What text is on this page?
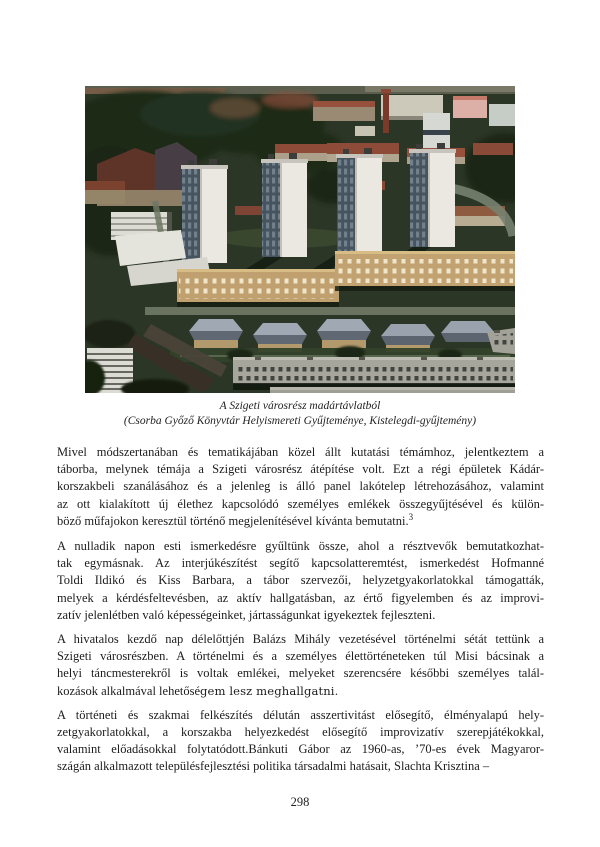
A Szigeti városrész madártávlatból
(Csorba Győző Könyvtár Helyismereti Gyűjteménye, Kistelegdi-gyűjtemény)

Mivel módszertanában és tematikájában közel állt kutatási témámhoz, jelentkeztem a
táborba, melynek témája a Szigeti városrész átépítése volt. Ezt a régi épületek Kádár-
korszakbeli szanálásához és a jelenleg is álló panel lakótelep létrehozásához, valamint
az ott kialakított új élethez kapcsolódó személyes emlékek összegyűjtésével és külön-
böző műfajokon keresztül történő megjelenítésével kívánta bemutatni.$^3$

A nulladik napon esti ismerkedésre gyűltünk össze, ahol a résztvevők bemutatkozhat-
tak egymásnak. Az interjúkészítést segítő kapcsolatteremtést, ismerkedést Hofmanné
Toldi Ildikó és Kiss Barbara, a tábor szervezői, helyzetgyakorlatokkal támogatták,
melyek a kérdésfeltevésben, az aktív hallgatásban, az értő figyelemben és az improvi-
zatív jelenlétben való képességeinket, jártasságunkat igyekeztek fejleszteni.

A hivatalos kezdő nap délelőttjén Balázs Mihály vezetésével történelmi sétát tettünk a
Szigeti városrészben. A történelmi és a személyes élettörténeteken túl Misi bácsinak a
helyi táncmesterekről is voltak emlékei, melyeket szerencsére későbbi személyes talál-
kozások alkalmával lehetőségem lesz meghallgatni.

A történeti és szakmai felkészítés délután asszertivitást elősegítő, élményalapú hely-
zetgyakorlatokkal, a korszakba helyezkedést elősegítő improvizatív szerepjátékokkal,
valamint előadásokkal folytatódott.Bánkuti Gábor az 1960-as, ’70-es évek Magyaror-
szágán alkalmazott településfejlesztési politika társadalmi hatásait, Slachta Krisztina –

298
